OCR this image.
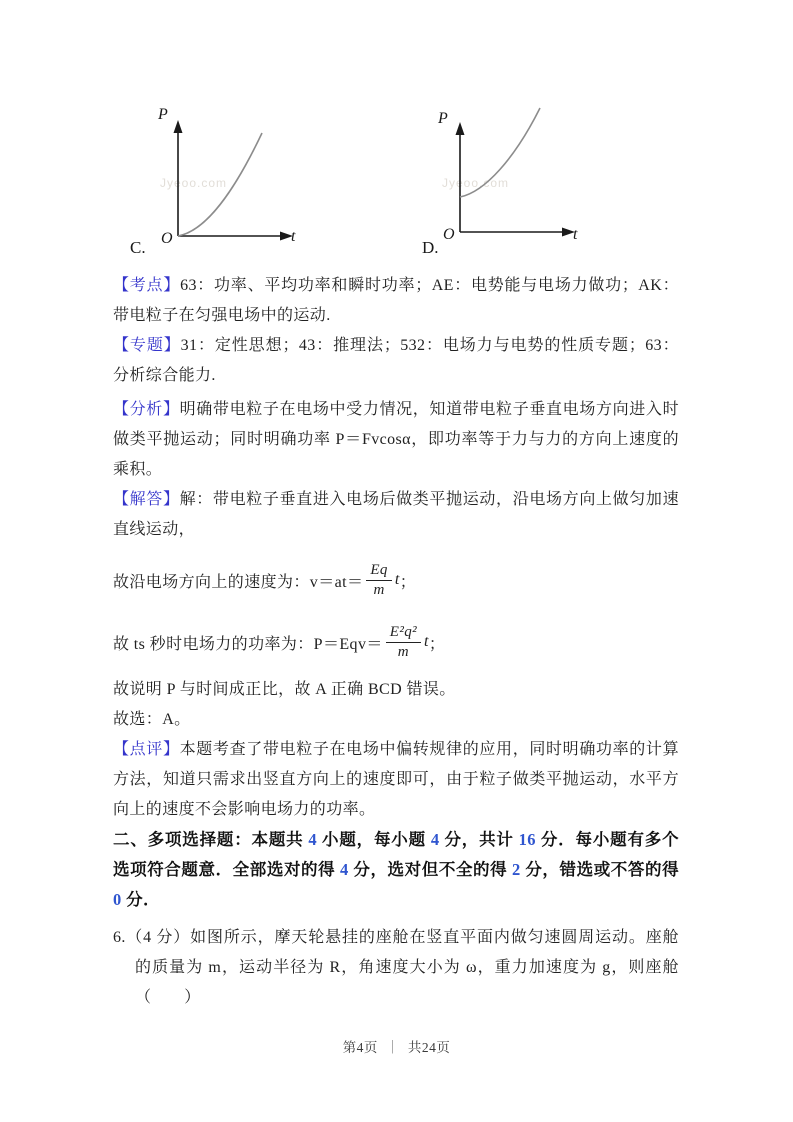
Jyeoo.com
P
t
O
C.
Jyeoo.com
P
t
O
D.

【考点】63：功率、平均功率和瞬时功率；AE：电势能与电场力做功；AK：带电粒子在匀强电场中的运动.

【专题】31：定性思想；43：推理法；532：电场力与电势的性质专题；63：分析综合能力.

【分析】明确带电粒子在电场中受力情况，知道带电粒子垂直电场方向进入时做类平抛运动；同时明确功率 P＝Fvcosα，即功率等于力与力的方向上速度的乘积。

【解答】解：带电粒子垂直进入电场后做类平抛运动，沿电场方向上做匀加速直线运动，

故沿电场方向上的速度为：$v=at= \frac{Eq}{m}$ t ；
故 ts 秒时电场力的功率为：$P=Eqv= \frac{\text{E²q²}}{m}$ t ；

故说明 P 与时间成正比，故 A 正确 BCD 错误。

故选：A。

【点评】本题考查了带电粒子在电场中偏转规律的应用，同时明确功率的计算方法，知道只需求出竖直方向上的速度即可，由于粒子做类平抛运动，水平方向上的速度不会影响电场力的功率。

二、多项选择题：本题共 4 小题，每小题 4 分，共计 16 分．每小题有多个选项符合题意．全部选对的得 4 分，选对但不全的得 2 分，错选或不答的得 0 分．

6.（4 分）如图所示，摩天轮悬挂的座舱在竖直平面内做匀速圆周运动。座舱的质量为 m，运动半径为 R，角速度大小为 ω，重力加速度为 g，则座舱（　　）

第4页 ｜ 共24页
